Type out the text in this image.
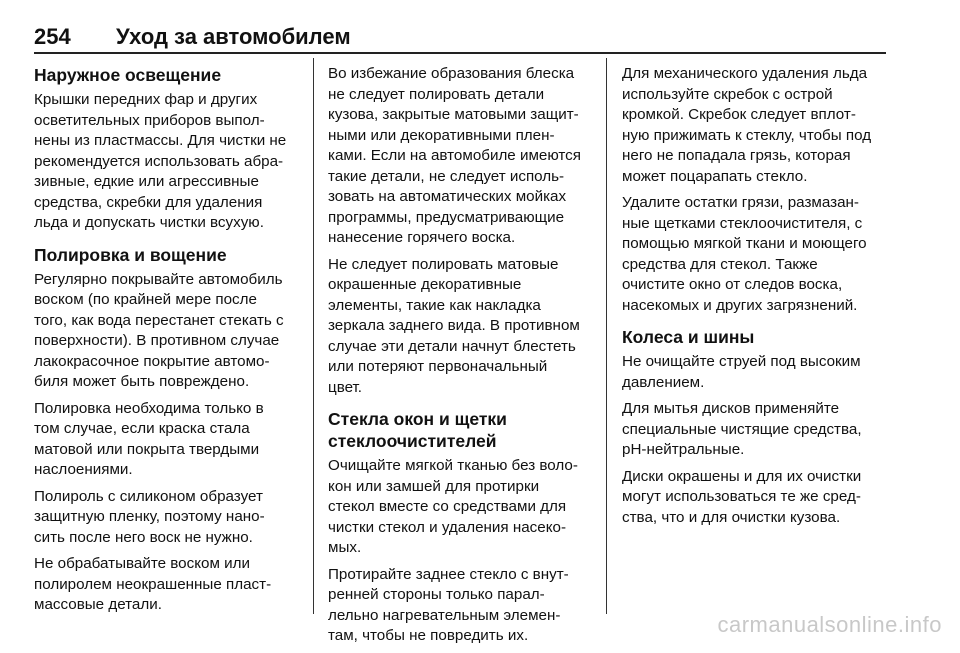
254 Уход за автомобилем
Наружное освещение

Крышки передних фар и других
осветительных приборов выпол-
нены из пластмассы. Для чистки не
рекомендуется использовать абра-
зивные, едкие или агрессивные
средства, скребки для удаления
льда и допускать чистки всухую.

Полировка и вощение

Регулярно покрывайте автомобиль
воском (по крайней мере после
того, как вода перестанет стекать с
поверхности). В противном случае
лакокрасочное покрытие автомо-
биля может быть поврежденo.

Полировка необходима только в
том случае, если краска стала
матовой или покрыта твердыми
наслоениями.

Полироль с силиконом образует
защитную пленку, поэтому нано-
сить после него воск не нужно.

Не обрабатывайте воском или
полиролем неокрашенные пласт-
массовые детали.

Во избежание образования блеска
не следует полировать детали
кузова, закрытые матовыми защит-
ными или декоративными плен-
ками. Если на автомобиле имеются
такие детали, не следует исполь-
зовать на автоматических мойках
программы, предусматривающие
нанесение горячего воска.

Не следует полировать матовые
окрашенные декоративные
элементы, такие как накладка
зеркала заднего вида. В противном
случае эти детали начнут блестеть
или потеряют первоначальный
цвет.

Стекла окон и щетки
стеклоочистителей

Очищайте мягкой тканью без воло-
кон или замшей для протирки
стекол вместе со средствами для
чистки стекол и удаления насеко-
мых.

Протирайте заднее стекло с внут-
ренней стороны только парал-
лельно нагревательным элемен-
там, чтобы не повредить их.

Для механического удаления льда
используйте скребок с острой
кромкой. Скребок следует вплот-
ную прижимать к стеклу, чтобы под
него не попадала грязь, которая
может поцарапать стекло.

Удалите остатки грязи, размазан-
ные щетками стеклоочистителя, с
помощью мягкой ткани и моющего
средства для стекол. Также
очистите окно от следов воска,
насекомых и других загрязнений.

Колеса и шины

Не очищайте струей под высоким
давлением.

Для мытья дисков применяйте
специальные чистящие средства,
pH-нейтральные.

Диски окрашены и для их очистки
могут использоваться те же сред-
ства, что и для очистки кузова.

carmanualsonline.info
